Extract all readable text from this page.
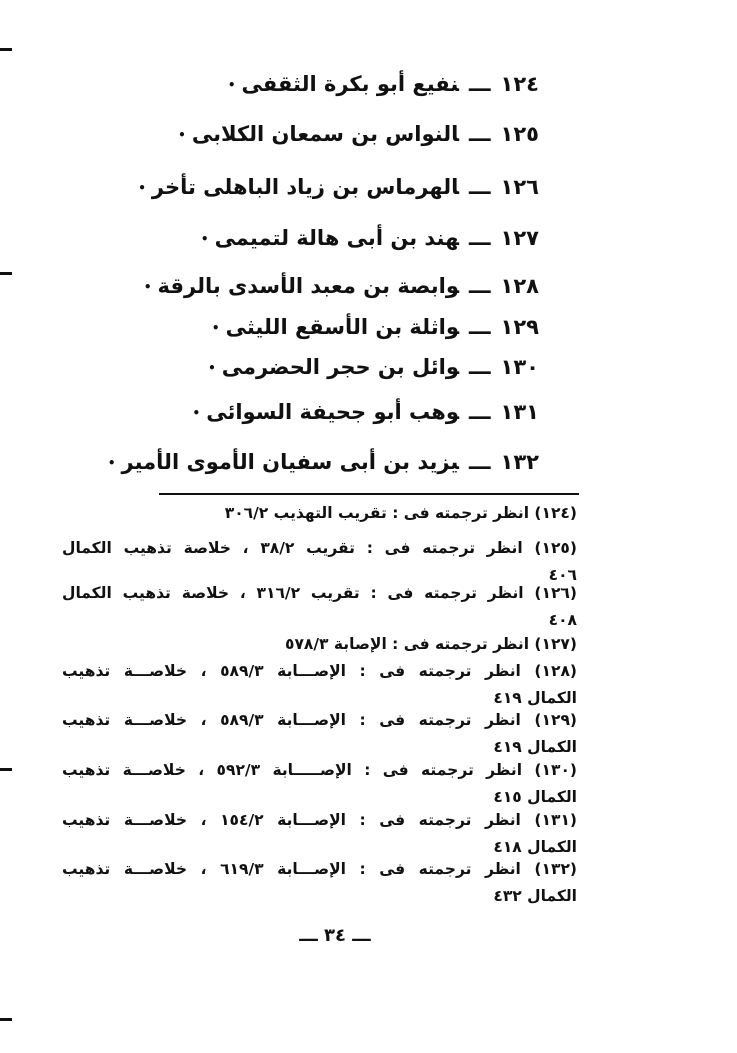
١٢٤ـــنفيع أبو بكرة الثقفى•
١٢٥ـــالنواس بن سمعان الكلابى•
١٢٦ـــالهرماس بن زياد الباهلى تأخر•
١٢٧ـــهند بن أبى هالة لتميمى•
١٢٨ـــوابصة بن معبد الأسدى بالرقة•
١٢٩ـــواثلة بن الأسقع الليثى•
١٣٠ـــوائل بن حجر الحضرمى•
١٣١ـــوهب أبو جحيفة السوائى•
١٣٢ـــيزيد بن أبى سفيان الأموى الأمير•
(١٢٤) انظر ترجمته فى : تقريب التهذيب ٣٠٦/٢
(١٢٥) انظر ترجمته فى : تقريب ٣٨/٢ ، خلاصة تذهيب الكمال
٤٠٦
(١٢٦) انظر ترجمته فى : تقريب ٣١٦/٢ ، خلاصة تذهيب الكمال
٤٠٨
(١٢٧) انظر ترجمته فى : الإصابة ٥٧٨/٣
(١٢٨) انظر ترجمته فى : الإصـــابة ٥٨٩/٣ ، خلاصـــة تذهيب
الكمال ٤١٩
(١٢٩) انظر ترجمته فى : الإصـــابة ٥٨٩/٣ ، خلاصـــة تذهيب
الكمال ٤١٩
(١٣٠) انظر ترجمته فى : الإصـــــابة ٥٩٢/٣ ، خلاصـــة تذهيب
الكمال ٤١٥
(١٣١) انظر ترجمته فى : الإصـــابة ١٥٤/٢ ، خلاصـــة تذهيب
الكمال ٤١٨
(١٣٢) انظر ترجمته فى : الإصـــابة ٦١٩/٣ ، خلاصـــة تذهيب
الكمال ٤٣٢
ـــ ٣٤ ـــ
